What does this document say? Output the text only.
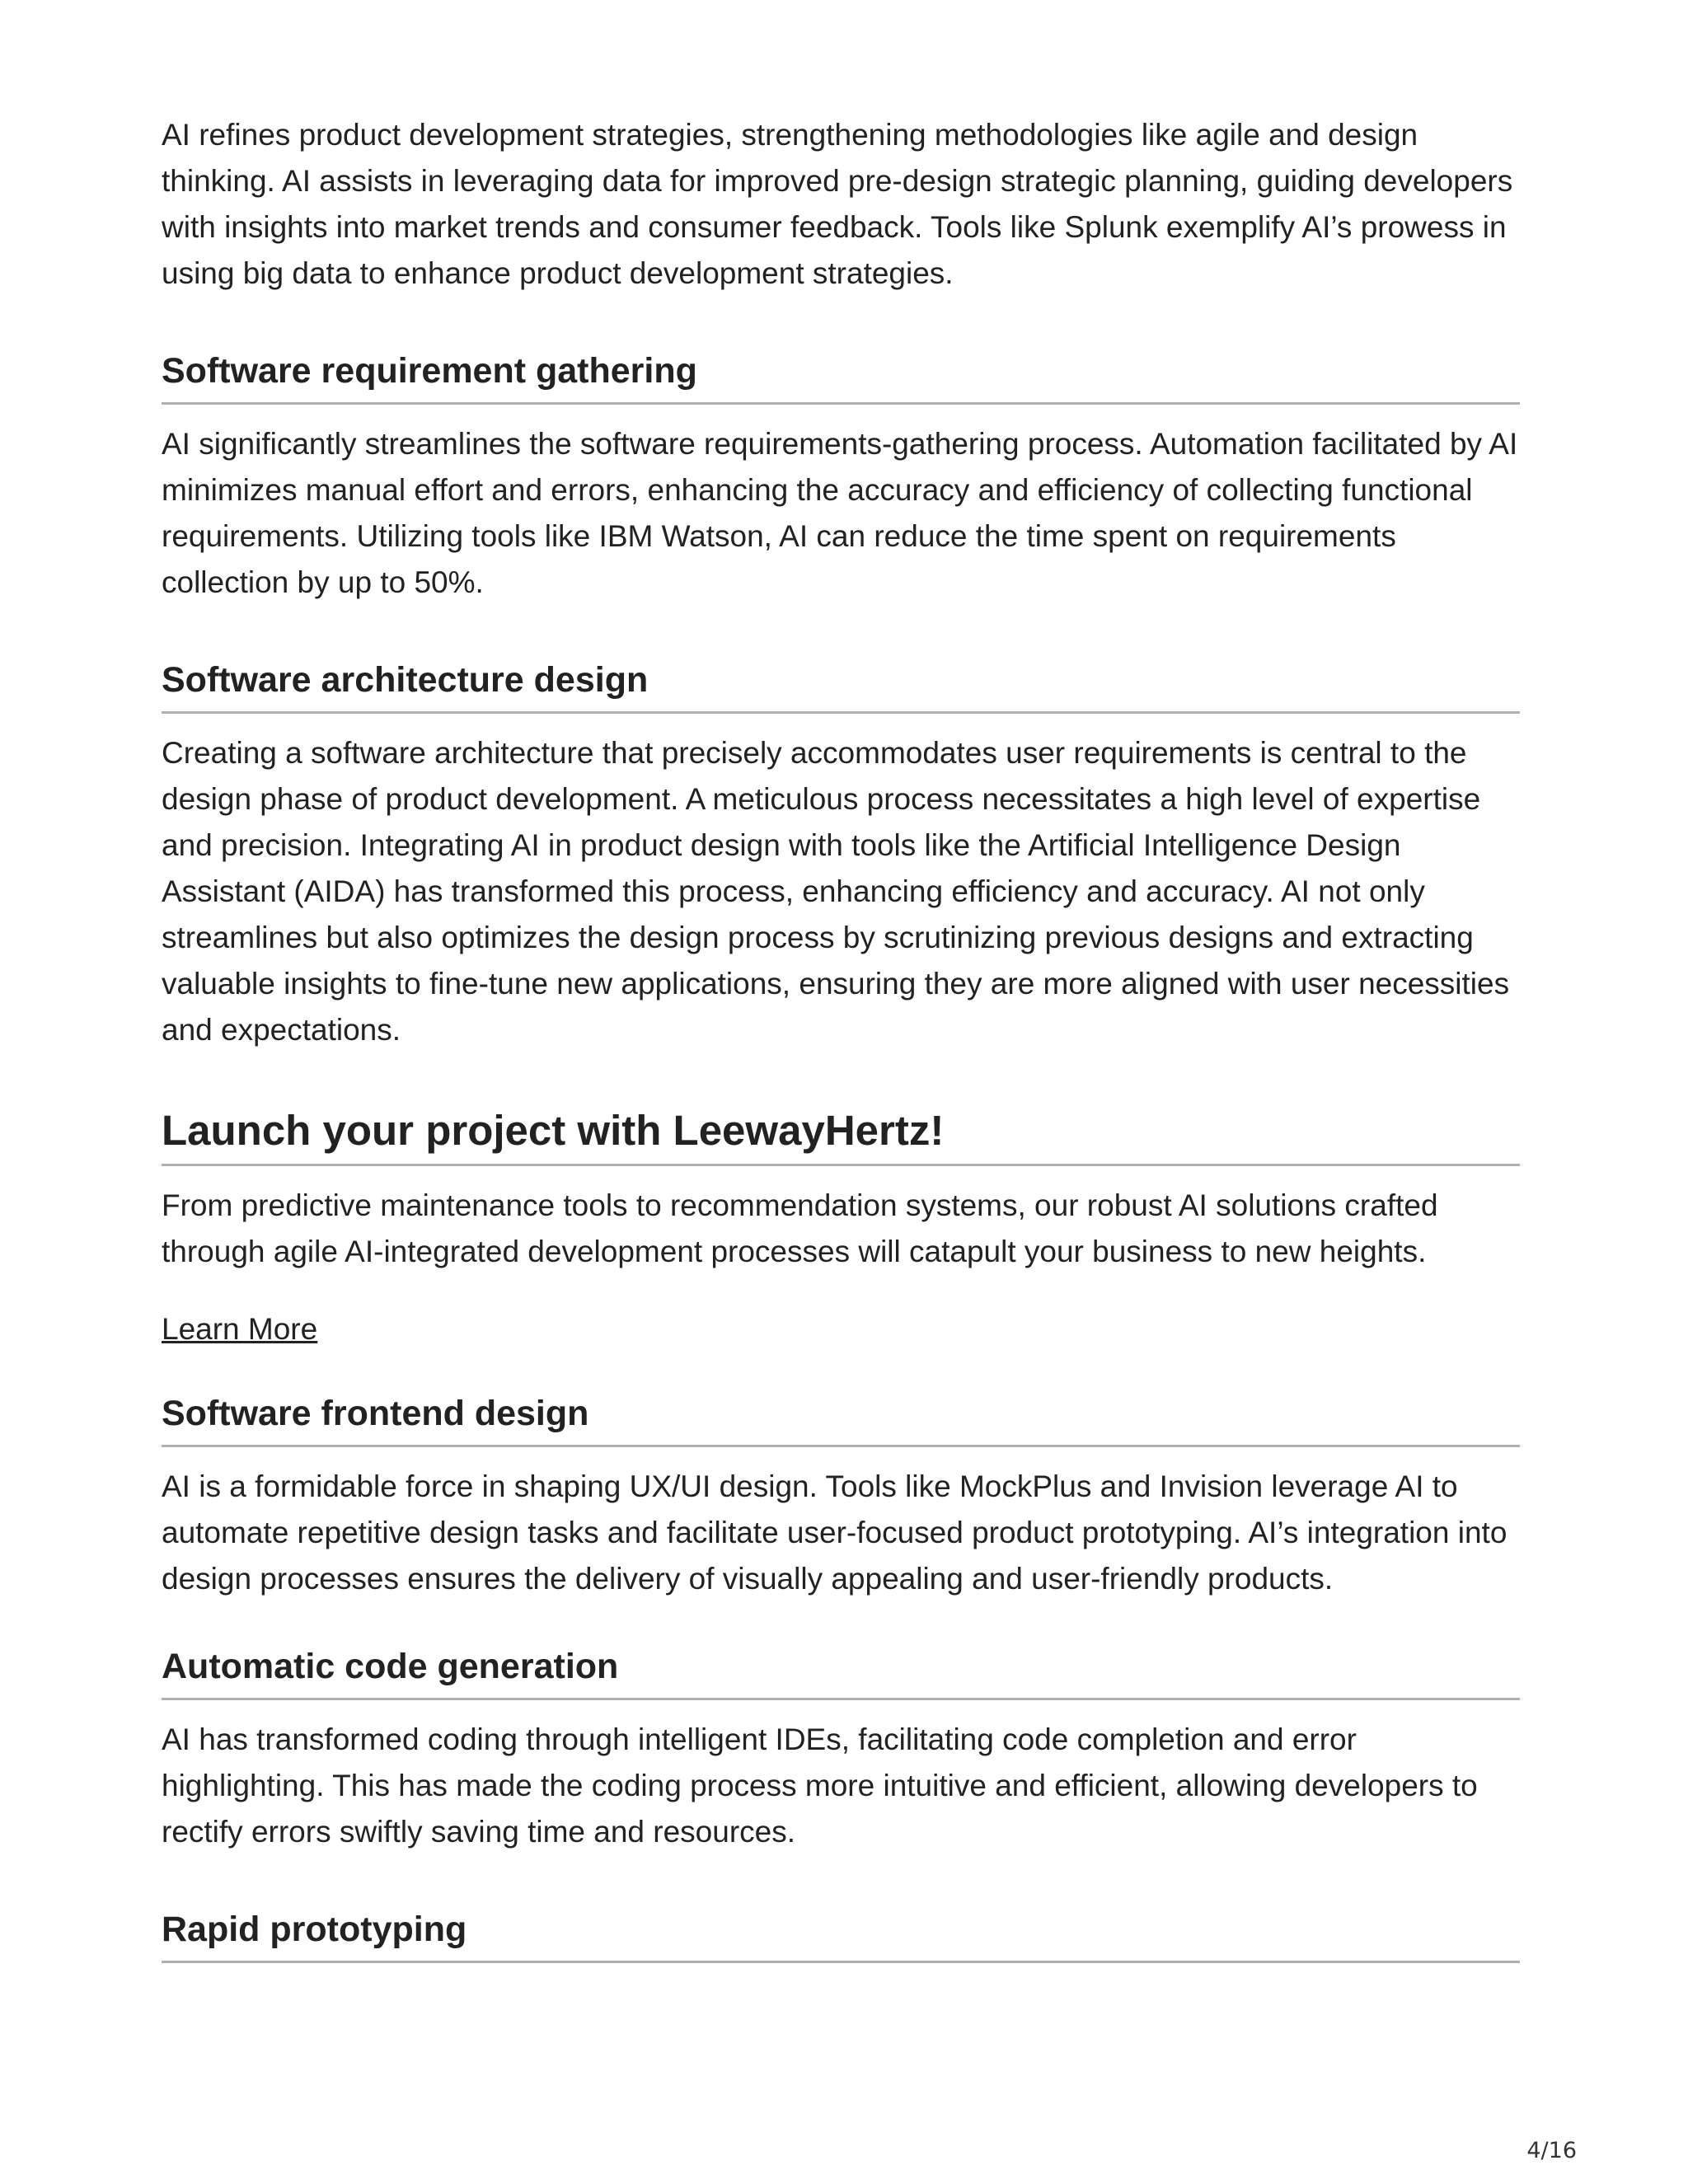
AI refines product development strategies, strengthening methodologies like agile and design thinking. AI assists in leveraging data for improved pre-design strategic planning, guiding developers with insights into market trends and consumer feedback. Tools like Splunk exemplify AI’s prowess in using big data to enhance product development strategies.

Software requirement gathering

AI significantly streamlines the software requirements-gathering process. Automation facilitated by AI minimizes manual effort and errors, enhancing the accuracy and efficiency of collecting functional requirements. Utilizing tools like IBM Watson, AI can reduce the time spent on requirements collection by up to 50%.

Software architecture design

Creating a software architecture that precisely accommodates user requirements is central to the design phase of product development. A meticulous process necessitates a high level of expertise and precision. Integrating AI in product design with tools like the Artificial Intelligence Design Assistant (AIDA) has transformed this process, enhancing efficiency and accuracy. AI not only streamlines but also optimizes the design process by scrutinizing previous designs and extracting valuable insights to fine-tune new applications, ensuring they are more aligned with user necessities and expectations.

Launch your project with LeewayHertz!

From predictive maintenance tools to recommendation systems, our robust AI solutions crafted through agile AI-integrated development processes will catapult your business to new heights.

Learn More
Software frontend design

AI is a formidable force in shaping UX/UI design. Tools like MockPlus and Invision leverage AI to automate repetitive design tasks and facilitate user-focused product prototyping. AI’s integration into design processes ensures the delivery of visually appealing and user-friendly products.

Automatic code generation

AI has transformed coding through intelligent IDEs, facilitating code completion and error highlighting. This has made the coding process more intuitive and efficient, allowing developers to rectify errors swiftly saving time and resources.

Rapid prototyping
4/16
